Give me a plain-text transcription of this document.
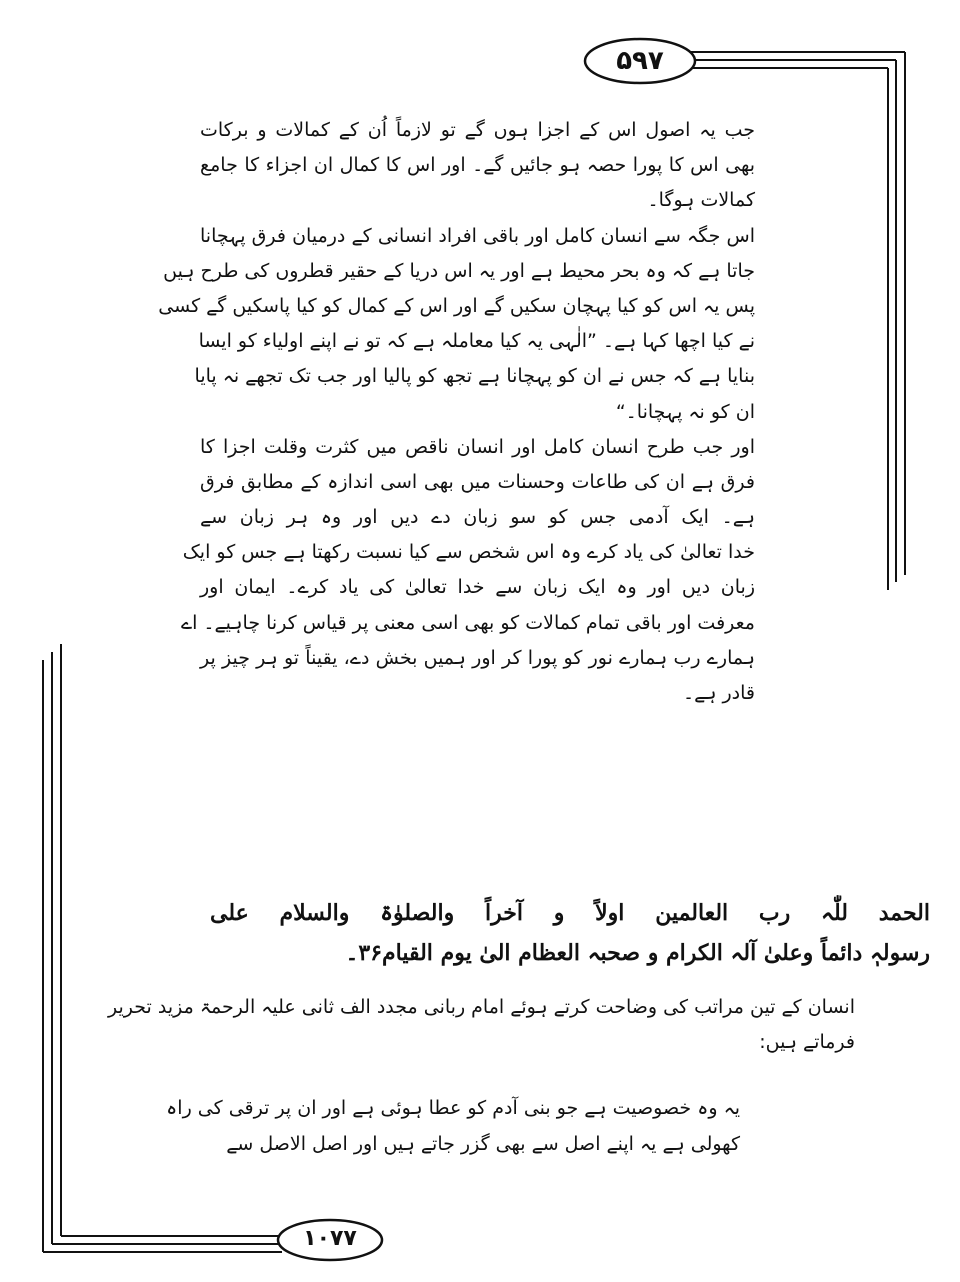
۵۹۷
۱۰۷۷
جب یہ اصول اس کے اجزا ہوں گے تو لازماً اُن کے کمالات و برکات
بھی اس کا پورا حصہ ہو جائیں گے۔ اور اس کا کمال ان اجزاء کا جامع
کمالات ہوگا۔
اس جگہ سے انسان کامل اور باقی افراد انسانی کے درمیان فرق پہچانا
جاتا ہے کہ وہ بحر محیط ہے اور یہ اس دریا کے حقیر قطروں کی طرح ہیں
پس یہ اس کو کیا پہچان سکیں گے اور اس کے کمال کو کیا پاسکیں گے کسی
نے کیا اچھا کہا ہے۔ ”الٰہی یہ کیا معاملہ ہے کہ تو نے اپنے اولیاء کو ایسا
بنایا ہے کہ جس نے ان کو پہچانا ہے تجھ کو پالیا اور جب تک تجھے نہ پایا
ان کو نہ پہچانا۔“
اور جب طرح انسان کامل اور انسان ناقص میں کثرت وقلت اجزا کا
فرق ہے ان کی طاعات وحسنات میں بھی اسی اندازہ کے مطابق فرق
ہے۔ ایک آدمی جس کو سو زبان دے دیں اور وہ ہر زبان سے
خدا تعالیٰ کی یاد کرے وہ اس شخص سے کیا نسبت رکھتا ہے جس کو ایک
زبان دیں اور وہ ایک زبان سے خدا تعالیٰ کی یاد کرے۔ ایمان اور
معرفت اور باقی تمام کمالات کو بھی اسی معنی پر قیاس کرنا چاہیے۔ اے
ہمارے رب ہمارے نور کو پورا کر اور ہمیں بخش دے، یقیناً تو ہر چیز پر
قادر ہے۔
الحمد للّٰہ رب العالمین اولاً و آخراً والصلوٰۃ والسلام علی
رسولہٖ دائماً وعلیٰ آلہ الکرام و صحبہ العظام الیٰ یوم القیام۳۶۔
انسان کے تین مراتب کی وضاحت کرتے ہوئے امام ربانی مجدد الف ثانی علیہ الرحمۃ مزید تحریر
فرماتے ہیں:
یہ وہ خصوصیت ہے جو بنی آدم کو عطا ہوئی ہے اور ان پر ترقی کی راہ
کھولی ہے یہ اپنے اصل سے بھی گزر جاتے ہیں اور اصل الاصل سے
